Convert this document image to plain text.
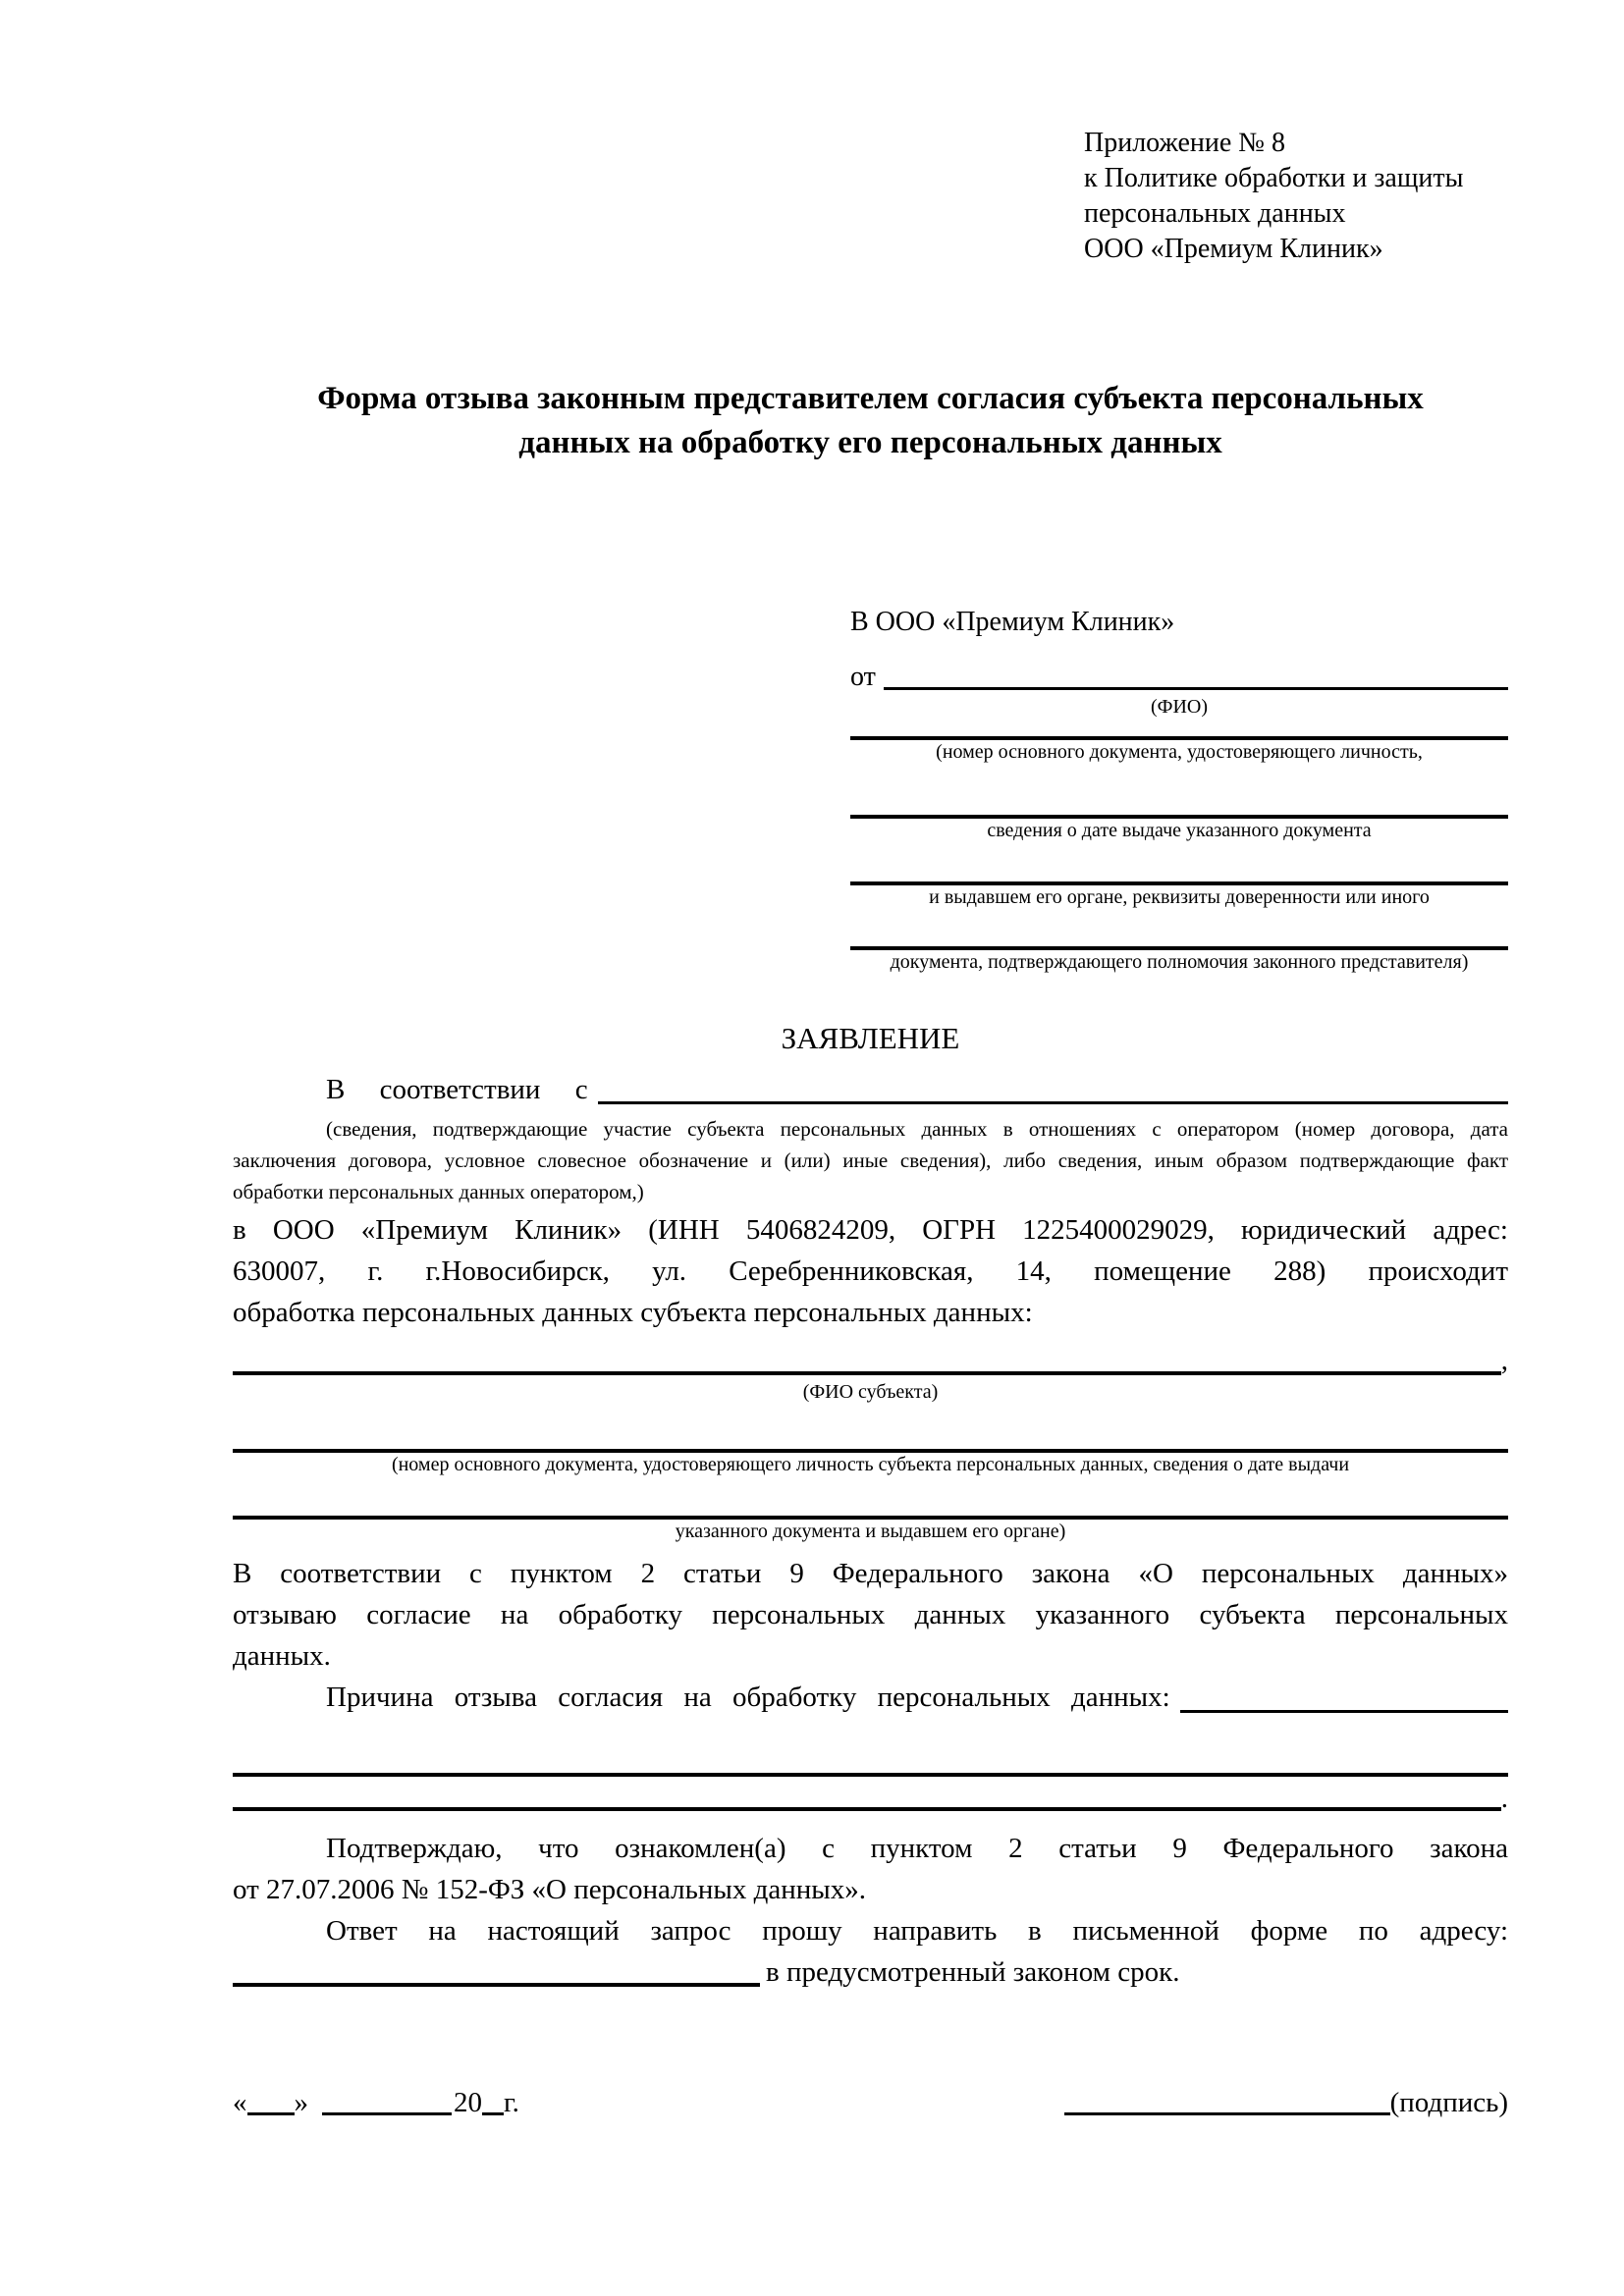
Приложение № 8
к Политике обработки и защиты
персональных данных
ООО «Премиум Клиник»
Форма отзыва законным представителем согласия субъекта персональных данных на обработку его персональных данных
В ООО «Премиум Клиник»
от
(ФИО)
(номер основного документа, удостоверяющего личность,
сведения о дате выдаче указанного документа
и выдавшем его органе, реквизиты доверенности или иного
документа, подтверждающего полномочия законного представителя)
ЗАЯВЛЕНИЕ
В соответствии с
(сведения, подтверждающие участие субъекта персональных данных в отношениях с оператором (номер договора, дата
заключения договора, условное словесное обозначение и (или) иные сведения), либо сведения, иным образом подтверждающие факт
обработки персональных данных оператором,)
в ООО «Премиум Клиник» (ИНН 5406824209, ОГРН 1225400029029, юридический адрес:
630007, г. г.Новосибирск, ул. Серебренниковская, 14, помещение 288) происходит
обработка персональных данных субъекта персональных данных:
,
(ФИО субъекта)
(номер основного документа, удостоверяющего личность субъекта персональных данных, сведения о дате выдачи
указанного документа и выдавшем его органе)
В соответствии с пунктом 2 статьи 9 Федерального закона «О персональных данных»
отзываю согласие на обработку персональных данных указанного субъекта персональных
данных.
Причина отзыва согласия на обработку персональных данных:
.
Подтверждаю, что ознакомлен(а) с пунктом 2 статьи 9 Федерального закона
от 27.07.2006 № 152-ФЗ «О персональных данных».
Ответ на настоящий запрос прошу направить в письменной форме по адресу:
в предусмотренный законом срок.
« »	20 г.	(подпись)
